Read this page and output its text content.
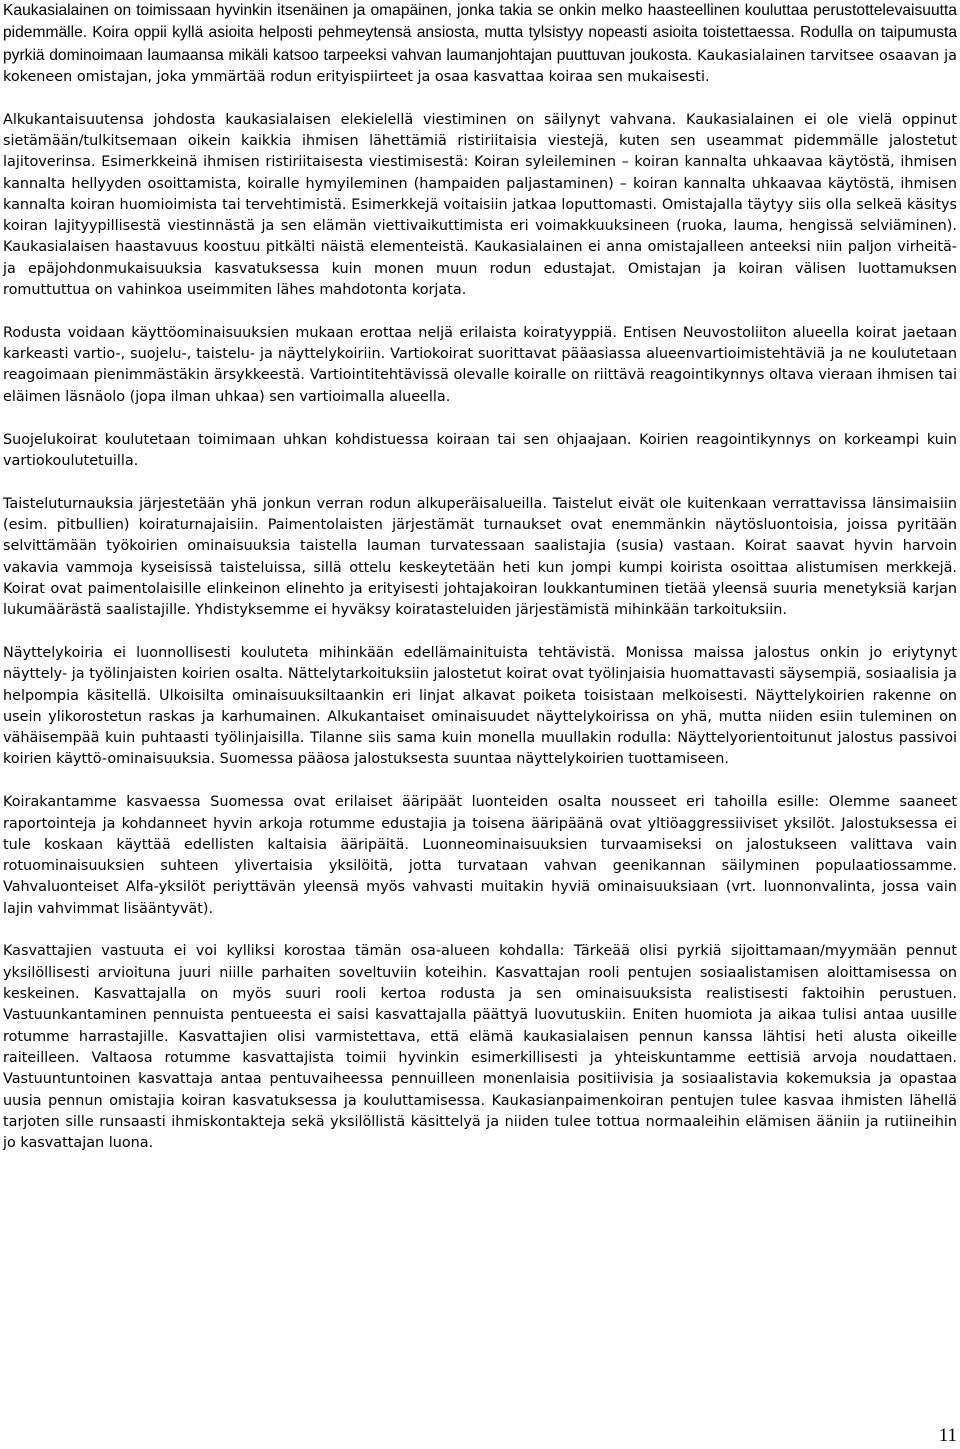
Kaukasialainen on toimissaan hyvinkin itsenäinen ja omapäinen, jonka takia se onkin melko haasteellinen kouluttaa perustottelevaisuutta pidemmälle. Koira oppii kyllä asioita helposti pehmeytensä ansiosta, mutta tylsistyy nopeasti asioita toistettaessa. Rodulla on taipumusta pyrkiä dominoimaan laumaansa mikäli katsoo tarpeeksi vahvan laumanjohtajan puuttuvan joukosta. Kaukasialainen tarvitsee osaavan ja kokeneen omistajan, joka ymmärtää rodun erityispiirteet ja osaa kasvattaa koiraa sen mukaisesti.

Alkukantaisuutensa johdosta kaukasialaisen elekielellä viestiminen on säilynyt vahvana. Kaukasialainen ei ole vielä oppinut sietämään/tulkitsemaan oikein kaikkia ihmisen lähettämiä ristiriitaisia viestejä, kuten sen useammat pidemmälle jalostetut lajitoverinsa. Esimerkkeinä ihmisen ristiriitaisesta viestimisestä: Koiran syleileminen – koiran kannalta uhkaavaa käytöstä, ihmisen kannalta hellyyden osoittamista, koiralle hymyileminen (hampaiden paljastaminen) – koiran kannalta uhkaavaa käytöstä, ihmisen kannalta koiran huomioimista tai tervehtimistä. Esimerkkejä voitaisiin jatkaa loputtomasti. Omistajalla täytyy siis olla selkeä käsitys koiran lajityypillisestä viestinnästä ja sen elämän viettivaikuttimista eri voimakkuuksineen (ruoka, lauma, hengissä selviäminen). Kaukasialaisen haastavuus koostuu pitkälti näistä elementeistä. Kaukasialainen ei anna omistajalleen anteeksi niin paljon virheitä- ja epäjohdonmukaisuuksia kasvatuksessa kuin monen muun rodun edustajat. Omistajan ja koiran välisen luottamuksen romuttuttua on vahinkoa useimmiten lähes mahdotonta korjata.

Rodusta voidaan käyttöominaisuuksien mukaan erottaa neljä erilaista koiratyyppiä. Entisen Neuvostoliiton alueella koirat jaetaan karkeasti vartio-, suojelu-, taistelu- ja näyttelykoiriin. Vartiokoirat suorittavat pääasiassa alueenvartioimistehtäviä ja ne koulutetaan reagoimaan pienimmästäkin ärsykkeestä. Vartiointitehtävissä olevalle koiralle on riittävä reagointikynnys oltava vieraan ihmisen tai eläimen läsnäolo (jopa ilman uhkaa) sen vartioimalla alueella.

Suojelukoirat koulutetaan toimimaan uhkan kohdistuessa koiraan tai sen ohjaajaan. Koirien reagointikynnys on korkeampi kuin vartiokoulutetuilla.

Taisteluturnauksia järjestetään yhä jonkun verran rodun alkuperäisalueilla. Taistelut eivät ole kuitenkaan verrattavissa länsimaisiin (esim. pitbullien) koiraturnajaisiin. Paimentolaisten järjestämät turnaukset ovat enemmänkin näytösluontoisia, joissa pyritään selvittämään työkoirien ominaisuuksia taistella lauman turvatessaan saalistajia (susia) vastaan. Koirat saavat hyvin harvoin vakavia vammoja kyseisissä taisteluissa, sillä ottelu keskeytetään heti kun jompi kumpi koirista osoittaa alistumisen merkkejä. Koirat ovat paimentolaisille elinkeinon elinehto ja erityisesti johtajakoiran loukkantuminen tietää yleensä suuria menetyksiä karjan lukumäärästä saalistajille. Yhdistyksemme ei hyväksy koiratasteluiden järjestämistä mihinkään tarkoituksiin.

Näyttelykoiria ei luonnollisesti kouluteta mihinkään edellämainituista tehtävistä. Monissa maissa jalostus onkin jo eriytynyt näyttely- ja työlinjaisten koirien osalta. Nättelytarkoituksiin jalostetut koirat ovat työlinjaisia huomattavasti säysempiä, sosiaalisia ja helpompia käsitellä. Ulkoisilta ominaisuuksiltaankin eri linjat alkavat poiketa toisistaan melkoisesti. Näyttelykoirien rakenne on usein ylikorostetun raskas ja karhumainen. Alkukantaiset ominaisuudet näyttelykoirissa on yhä, mutta niiden esiin tuleminen on vähäisempää kuin puhtaasti työlinjaisilla. Tilanne siis sama kuin monella muullakin rodulla: Näyttelyorientoitunut jalostus passivoi koirien käyttö-ominaisuuksia. Suomessa pääosa jalostuksesta suuntaa näyttelykoirien tuottamiseen.

Koirakantamme kasvaessa Suomessa ovat erilaiset ääripäät luonteiden osalta nousseet eri tahoilla esille: Olemme saaneet raportointeja ja kohdanneet hyvin arkoja rotumme edustajia ja toisena ääripäänä ovat yltiöaggressiiviset yksilöt. Jalostuksessa ei tule koskaan käyttää edellisten kaltaisia ääripäitä. Luonneominaisuuksien turvaamiseksi on jalostukseen valittava vain rotuominaisuuksien suhteen ylivertaisia yksilöitä, jotta turvataan vahvan geenikannan säilyminen populaatiossamme. Vahvaluonteiset Alfa-yksilöt periyttävän yleensä myös vahvasti muitakin hyviä ominaisuuksiaan (vrt. luonnonvalinta, jossa vain lajin vahvimmat lisääntyvät).

Kasvattajien vastuuta ei voi kylliksi korostaa tämän osa-alueen kohdalla: Tärkeää olisi pyrkiä sijoittamaan/myymään pennut yksilöllisesti arvioituna juuri niille parhaiten soveltuviin koteihin. Kasvattajan rooli pentujen sosiaalistamisen aloittamisessa on keskeinen. Kasvattajalla on myös suuri rooli kertoa rodusta ja sen ominaisuuksista realistisesti faktoihin perustuen. Vastuunkantaminen pennuista pentueesta ei saisi kasvattajalla päättyä luovutuskiin. Eniten huomiota ja aikaa tulisi antaa uusille rotumme harrastajille. Kasvattajien olisi varmistettava, että elämä kaukasialaisen pennun kanssa lähtisi heti alusta oikeille raiteilleen. Valtaosa rotumme kasvattajista toimii hyvinkin esimerkillisesti ja yhteiskuntamme eettisiä arvoja noudattaen. Vastuuntuntoinen kasvattaja antaa pentuvaiheessa pennuilleen monenlaisia positiivisia ja sosiaalistavia kokemuksia ja opastaa uusia pennun omistajia koiran kasvatuksessa ja kouluttamisessa. Kaukasianpaimenkoiran pentujen tulee kasvaa ihmisten lähellä tarjoten sille runsaasti ihmiskontakteja sekä yksilöllistä käsittelyä ja niiden tulee tottua normaaleihin elämisen ääniin ja rutiineihin jo kasvattajan luona.

11
